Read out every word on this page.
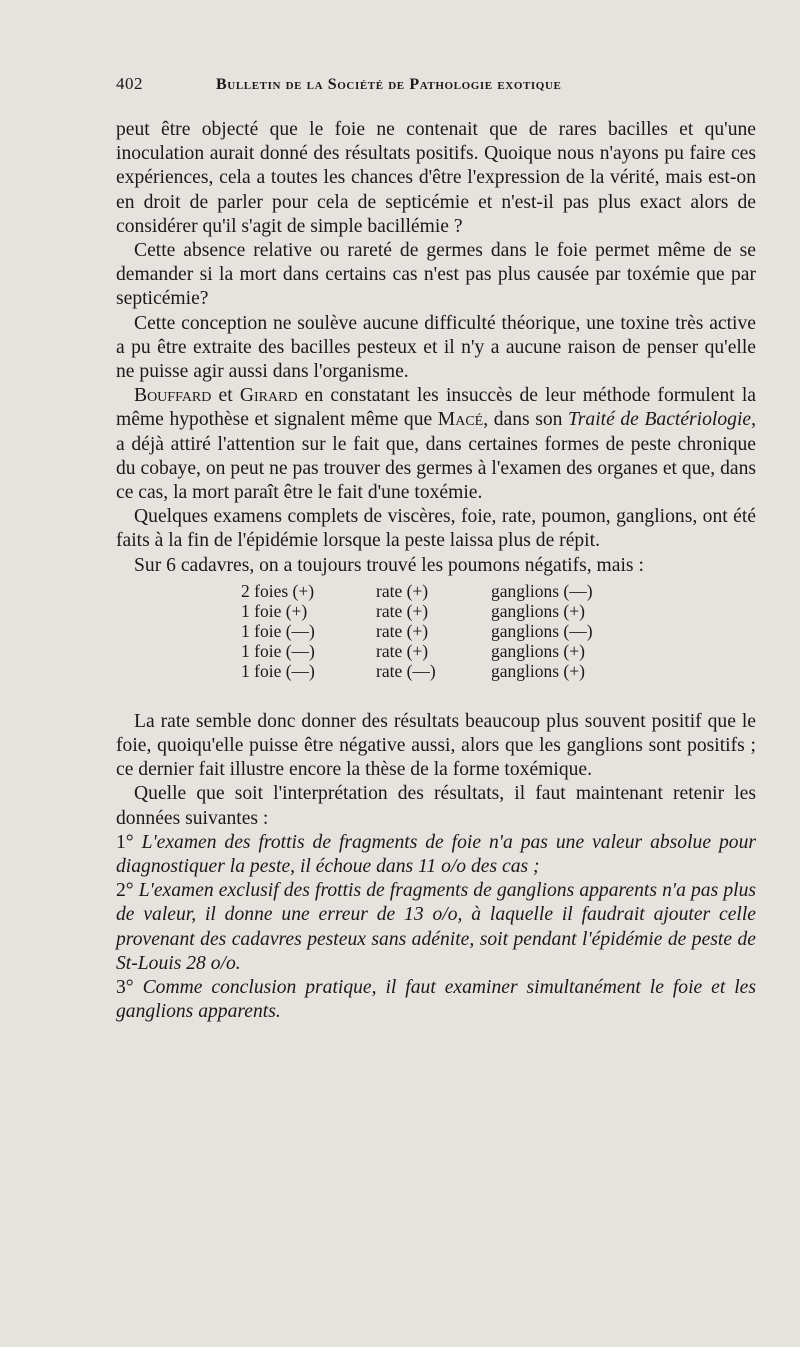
402	Bulletin de la Société de Pathologie exotique

peut être objecté que le foie ne contenait que de rares bacilles et qu'une inoculation aurait donné des résultats positifs. Quoique nous n'ayons pu faire ces expériences, cela a toutes les chances d'être l'expression de la vérité, mais est-on en droit de parler pour cela de septicémie et n'est-il pas plus exact alors de considérer qu'il s'agit de simple bacillémie ?

Cette absence relative ou rareté de germes dans le foie permet même de se demander si la mort dans certains cas n'est pas plus causée par toxémie que par septicémie?

Cette conception ne soulève aucune difficulté théorique, une toxine très active a pu être extraite des bacilles pesteux et il n'y a aucune raison de penser qu'elle ne puisse agir aussi dans l'organisme.

Bouffard et Girard en constatant les insuccès de leur méthode formulent la même hypothèse et signalent même que Macé, dans son Traité de Bactériologie, a déjà attiré l'attention sur le fait que, dans certaines formes de peste chronique du cobaye, on peut ne pas trouver des germes à l'examen des organes et que, dans ce cas, la mort paraît être le fait d'une toxémie.

Quelques examens complets de viscères, foie, rate, poumon, ganglions, ont été faits à la fin de l'épidémie lorsque la peste laissa plus de répit.

Sur 6 cadavres, on a toujours trouvé les poumons négatifs, mais :

2 foies (+)	rate (+)	ganglions (—)
1 foie (+)	rate (+)	ganglions (+)
1 foie (—)	rate (+)	ganglions (—)
1 foie (—)	rate (+)	ganglions (+)
1 foie (—)	rate (—)	ganglions (+)

La rate semble donc donner des résultats beaucoup plus souvent positif que le foie, quoiqu'elle puisse être négative aussi, alors que les ganglions sont positifs ; ce dernier fait illustre encore la thèse de la forme toxémique.

Quelle que soit l'interprétation des résultats, il faut maintenant retenir les données suivantes :

1° L'examen des frottis de fragments de foie n'a pas une valeur absolue pour diagnostiquer la peste, il échoue dans 11 o/o des cas ;

2° L'examen exclusif des frottis de fragments de ganglions apparents n'a pas plus de valeur, il donne une erreur de 13 o/o, à laquelle il faudrait ajouter celle provenant des cadavres pesteux sans adénite, soit pendant l'épidémie de peste de St-Louis 28 o/o.

3° Comme conclusion pratique, il faut examiner simultanément le foie et les ganglions apparents.
